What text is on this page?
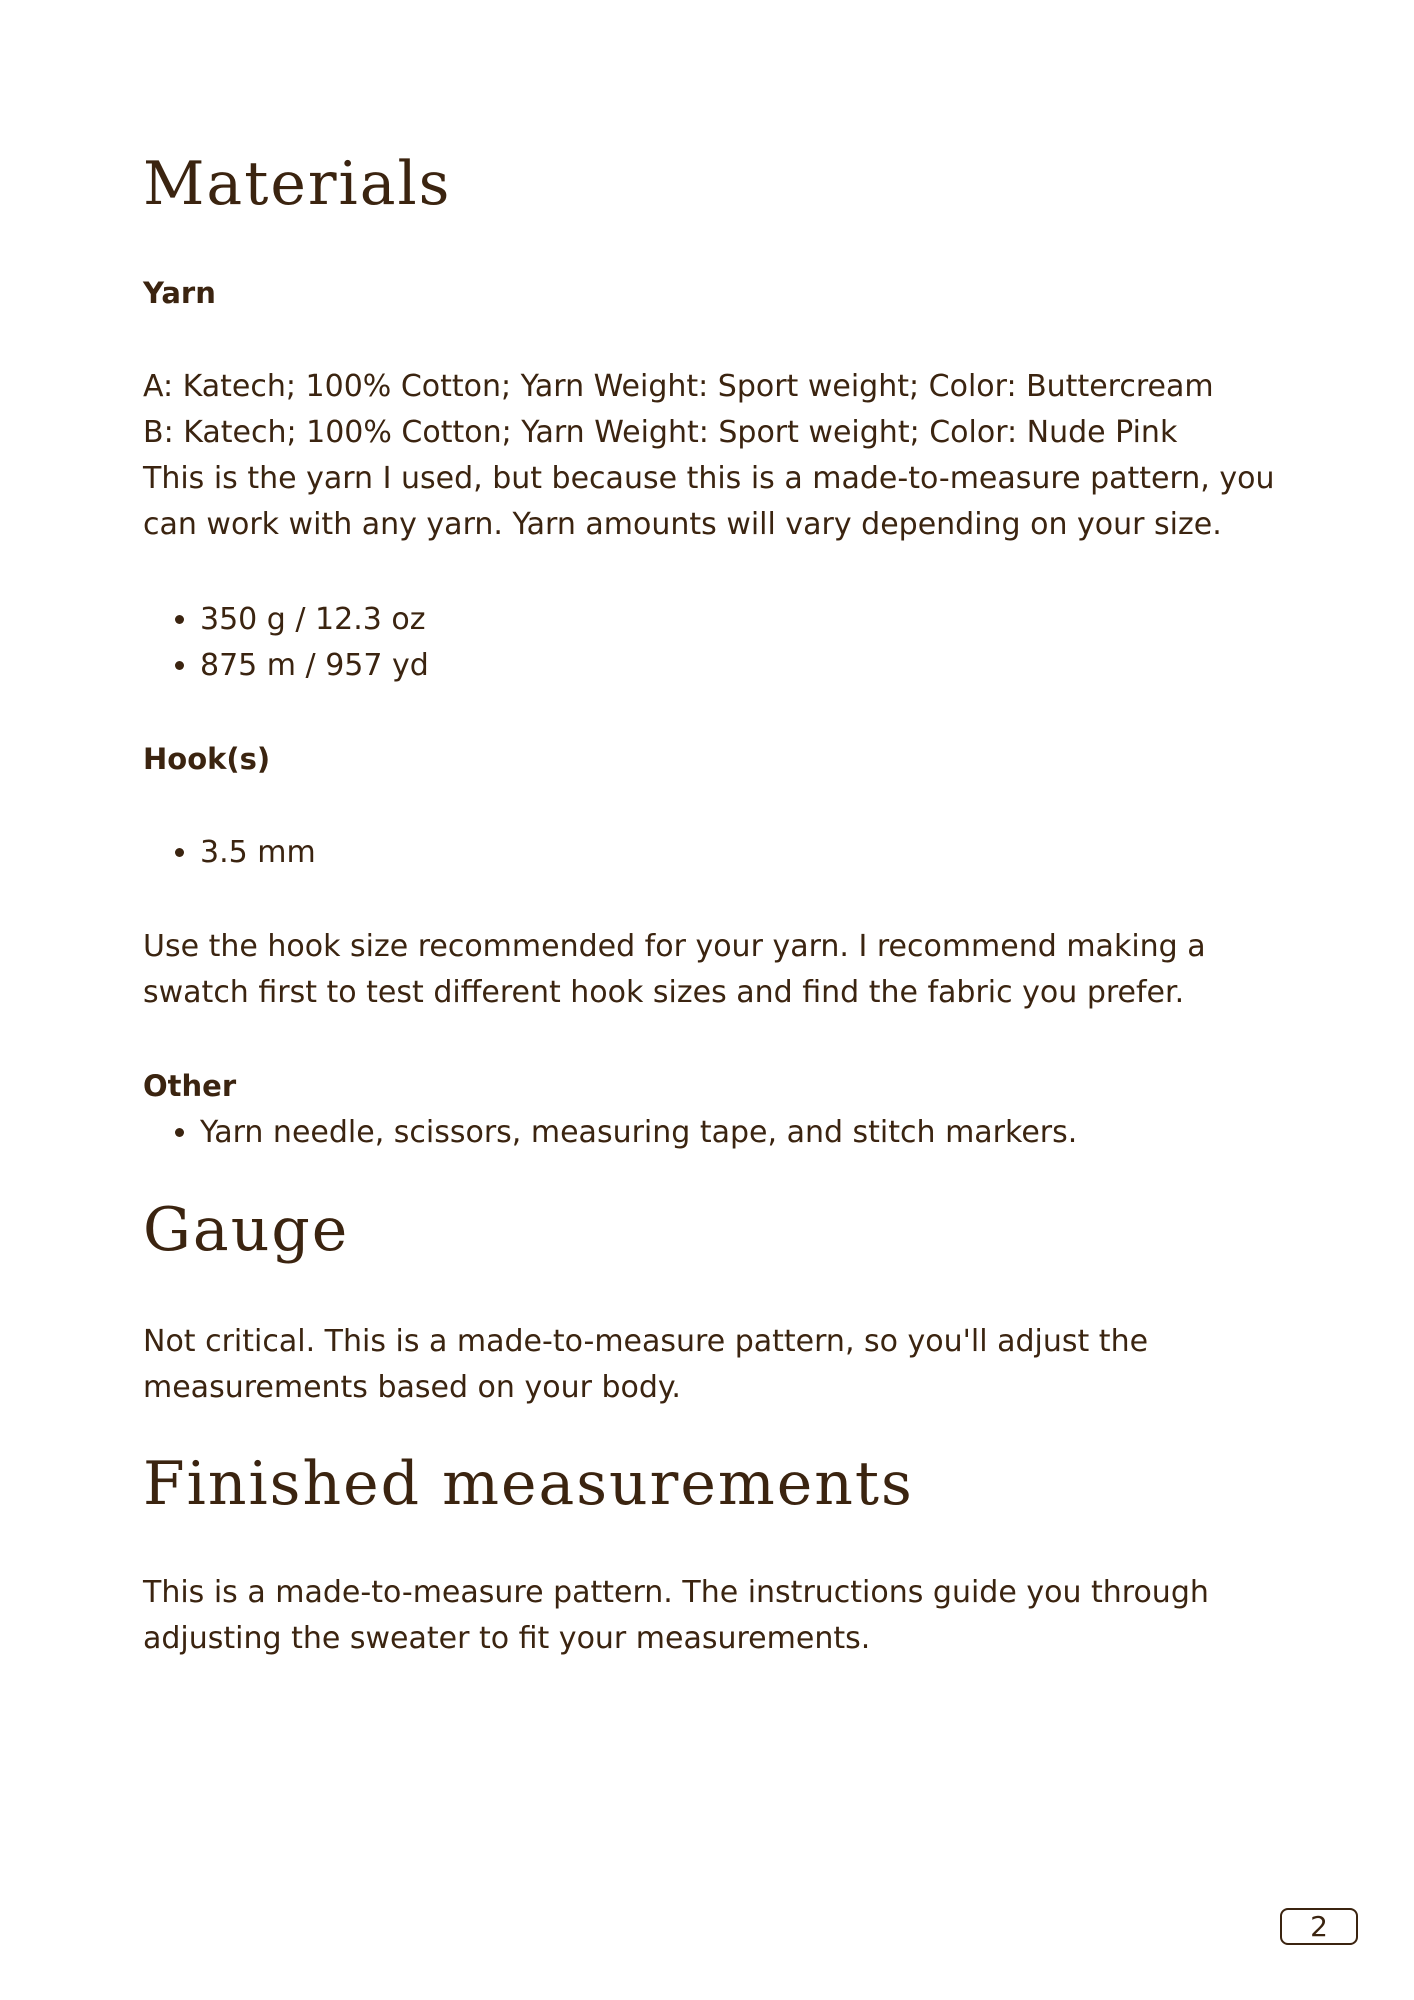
Materials
Yarn

A: Katech; 100% Cotton; Yarn Weight: Sport weight; Color: Buttercream

B: Katech; 100% Cotton; Yarn Weight: Sport weight; Color: Nude Pink

This is the yarn I used, but because this is a made-to-measure pattern, you can work with any yarn. Yarn amounts will vary depending on your size.

• 350 g / 12.3 oz
• 875 m / 957 yd
Hook(s)
• 3.5 mm

Use the hook size recommended for your yarn. I recommend making a swatch first to test different hook sizes and find the fabric you prefer.

Other
• Yarn needle, scissors, measuring tape, and stitch markers.
Gauge

Not critical. This is a made-to-measure pattern, so you'll adjust the measurements based on your body.

Finished measurements

This is a made-to-measure pattern. The instructions guide you through adjusting the sweater to fit your measurements.

2
